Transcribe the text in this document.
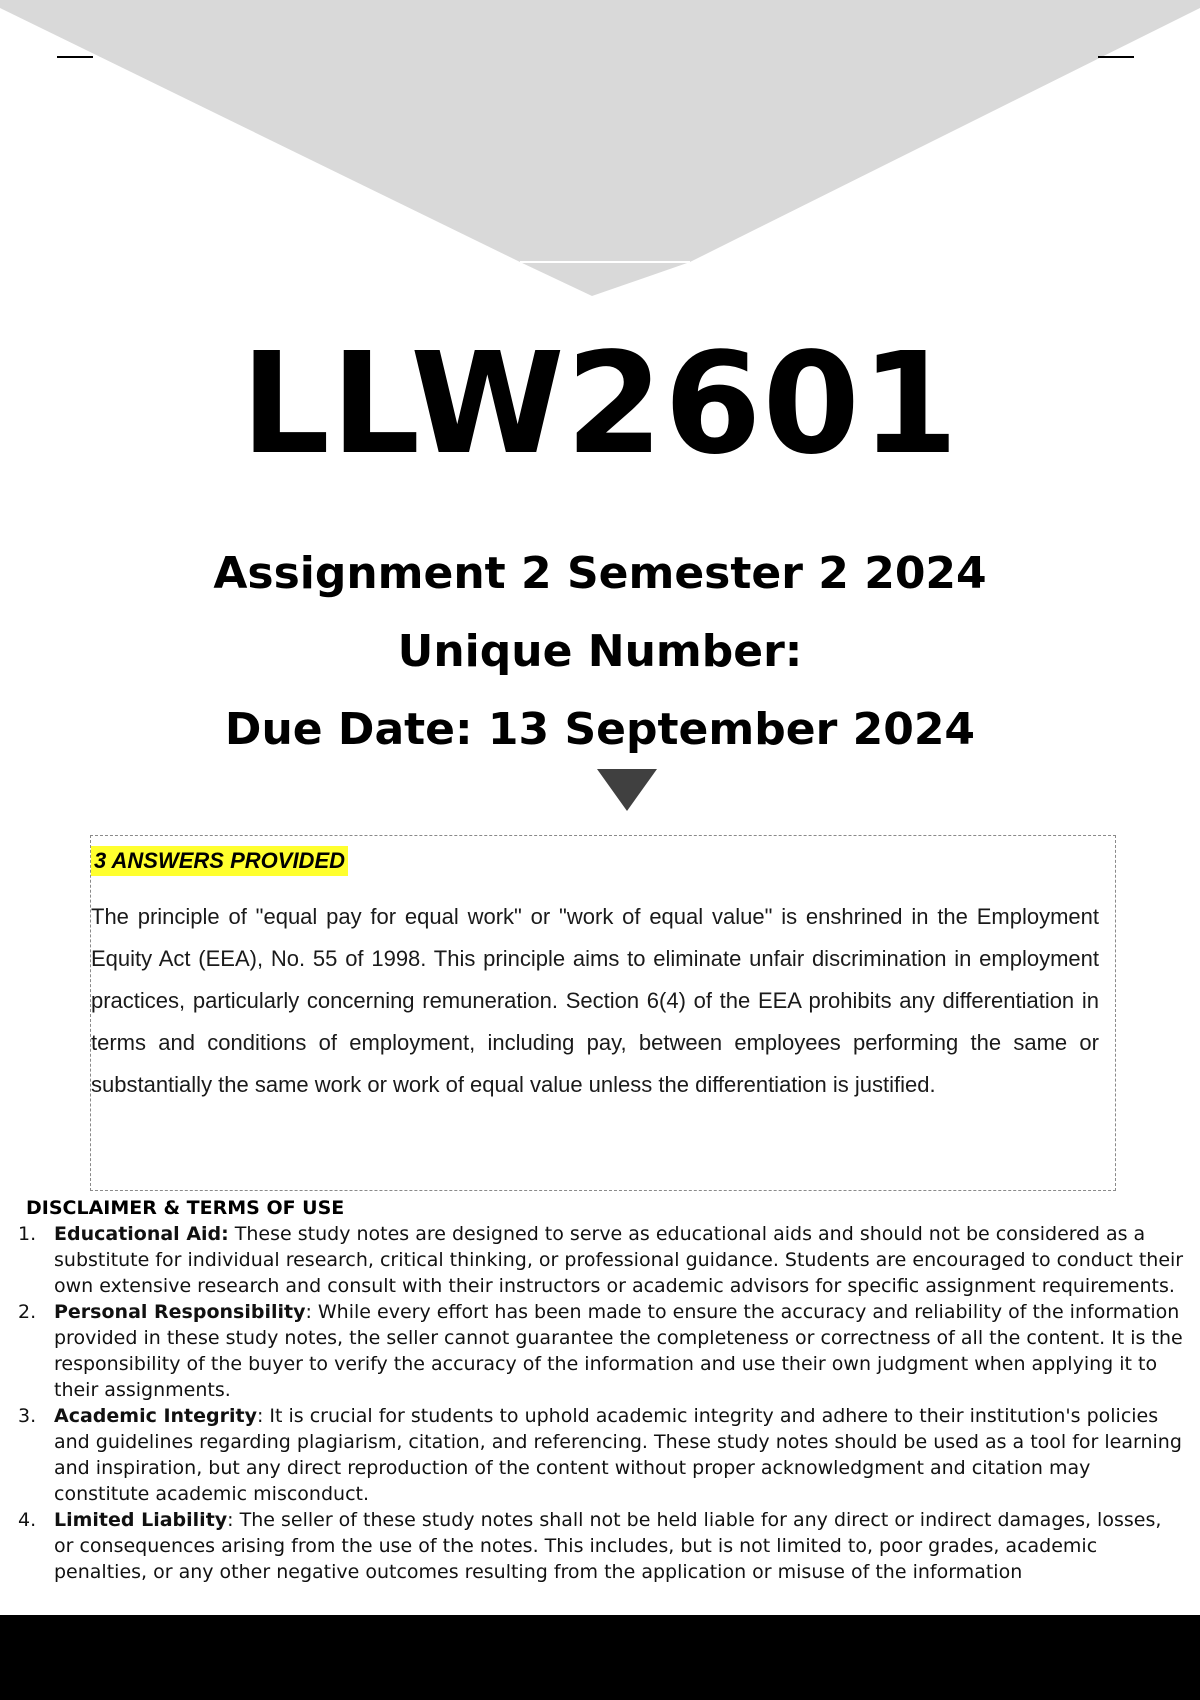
LLW2601
Assignment 2 Semester 2 2024
Unique Number:
Due Date: 13 September 2024
3 ANSWERS PROVIDED
The principle of "equal pay for equal work" or "work of equal value" is enshrined in the Employment Equity Act (EEA), No. 55 of 1998. This principle aims to eliminate unfair discrimination in employment practices, particularly concerning remuneration. Section 6(4) of the EEA prohibits any differentiation in terms and conditions of employment, including pay, between employees performing the same or substantially the same work or work of equal value unless the differentiation is justified.
DISCLAIMER & TERMS OF USE
1. Educational Aid: These study notes are designed to serve as educational aids and should not be considered as a substitute for individual research, critical thinking, or professional guidance. Students are encouraged to conduct their own extensive research and consult with their instructors or academic advisors for specific assignment requirements.
2. Personal Responsibility: While every effort has been made to ensure the accuracy and reliability of the information provided in these study notes, the seller cannot guarantee the completeness or correctness of all the content. It is the responsibility of the buyer to verify the accuracy of the information and use their own judgment when applying it to their assignments.
3. Academic Integrity: It is crucial for students to uphold academic integrity and adhere to their institution's policies and guidelines regarding plagiarism, citation, and referencing. These study notes should be used as a tool for learning and inspiration, but any direct reproduction of the content without proper acknowledgment and citation may constitute academic misconduct.
4. Limited Liability: The seller of these study notes shall not be held liable for any direct or indirect damages, losses, or consequences arising from the use of the notes. This includes, but is not limited to, poor grades, academic penalties, or any other negative outcomes resulting from the application or misuse of the information
